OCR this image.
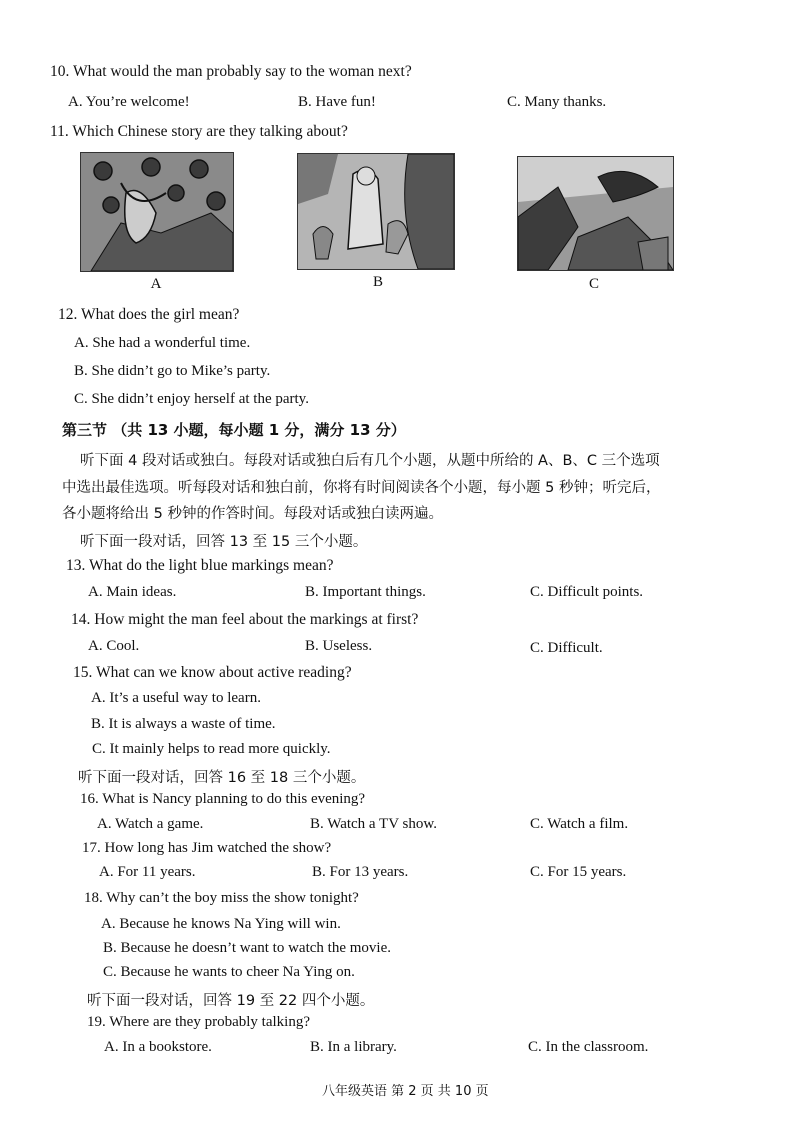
10. What would the man probably say to the woman next?
A. You’re welcome!	B. Have fun!	C. Many thanks.
11. Which Chinese story are they talking about?
A	B	C
12. What does the girl mean?
A. She had a wonderful time.
B. She didn’t go to Mike’s party.
C. She didn’t enjoy herself at the party.
第三节 （共 13 小题，每小题 1 分，满分 13 分）
听下面 4 段对话或独白。每段对话或独白后有几个小题，从题中所给的 A、B、C 三个选项
中选出最佳选项。听每段对话和独白前，你将有时间阅读各个小题，每小题 5 秒钟；听完后，
各小题将给出 5 秒钟的作答时间。每段对话或独白读两遍。
听下面一段对话，回答 13 至 15 三个小题。
13. What do the light blue markings mean?
A. Main ideas.	B. Important things.	C. Difficult points.
14. How might the man feel about the markings at first?
A. Cool.	B. Useless.	C. Difficult.
15. What can we know about active reading?
A. It’s a useful way to learn.
B. It is always a waste of time.
C. It mainly helps to read more quickly.
听下面一段对话，回答 16 至 18 三个小题。
16. What is Nancy planning to do this evening?
A. Watch a game.	B. Watch a TV show.	C. Watch a film.
17. How long has Jim watched the show?
A. For 11 years.	B. For 13 years.	C. For 15 years.
18. Why can’t the boy miss the show tonight?
A. Because he knows Na Ying will win.
B. Because he doesn’t want to watch the movie.
C. Because he wants to cheer Na Ying on.
听下面一段对话，回答 19 至 22 四个小题。
19. Where are they probably talking?
A. In a bookstore.	B. In a library.	C. In the classroom.
八年级英语 第 2 页 共 10 页
